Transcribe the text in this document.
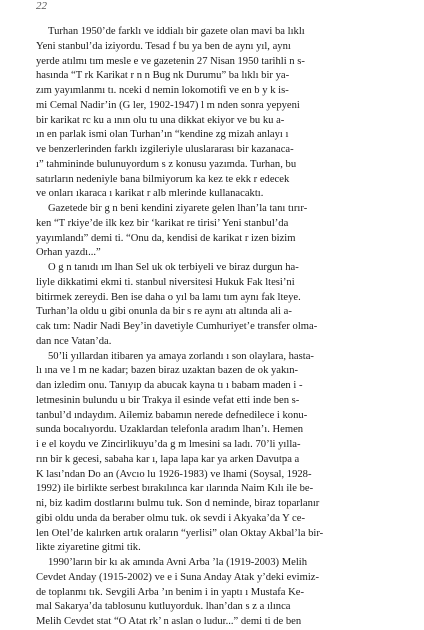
22
Turhan 1950’de farklı ve iddialı bir gazete olan mavi ba lıklı
Yeni stanbul’da iziyordu. Tesad f bu ya ben de aynı yıl, aynı
yerde atılmı tım mesle e ve gazetenin 27 Nisan 1950 tarihli n s-
hasında “T rk Karikat r n n Bug nk Durumu” ba lıklı bir ya-
zım yayımlanmı tı. nceki d nemin lokomotifi ve en b y k is-
mi Cemal Nadir’in (G ler, 1902-1947) l m nden sonra yepyeni
bir karikat rc ku a ının olu tu una dikkat ekiyor ve bu ku a-
ın en parlak ismi olan Turhan’ın “kendine zg mizah anlayı ı
ve benzerlerinden farklı izgileriyle uluslararası bir kazanaca-
ı” tahmininde bulunuyordum s z konusu yazımda. Turhan, bu
satırların nedeniyle bana bilmiyorum ka kez te ekk r edecek
ve onları ıkaraca ı karikat r alb mlerinde kullanacaktı.
Gazetede bir g n beni kendini ziyarete gelen lhan’la tanı tırır-
ken “T rkiye’de ilk kez bir ‘karikat re tirisi’ Yeni stanbul’da
yayımlandı” demi ti. “Onu da, kendisi de karikat r izen bizim
Orhan yazdı...”
O g n tanıdı ım lhan Sel uk ok terbiyeli ve biraz durgun ha-
liyle dikkatimi ekmi ti. stanbul niversitesi Hukuk Fak ltesi’ni
bitirmek zereydi. Ben ise daha o yıl ba lamı tım aynı fak lteye.
Turhan’la oldu u gibi onunla da bir s re aynı atı altında ali a-
cak tım: Nadir Nadi Bey’in davetiyle Cumhuriyet’e transfer olma-
dan nce Vatan’da.
50’li yıllardan itibaren ya amaya zorlandı ı son olaylara, hasta-
lı ına ve l m ne kadar; bazen biraz uzaktan bazen de ok yakın-
dan izledim onu. Tanıyıp da abucak kayna tı ı babam maden i -
letmesinin bulundu u bir Trakya il esinde vefat etti inde ben s-
tanbul’d ındaydım. Ailemiz babamın nerede defnedilece i konu-
sunda bocalıyordu. Uzaklardan telefonla aradım lhan’ı. Hemen
i e el koydu ve Zincirlikuyu’da g m lmesini sa ladı. 70’li yılla-
rın bir k gecesi, sabaha kar ı, lapa lapa kar ya arken Davutpa a
K lası’ndan Do an (Avcıo lu 1926-1983) ve lhami (Soysal, 1928-
1992) ile birlikte serbest bırakılınca kar ılarında Naim Kılı ile be-
ni, biz kadim dostlarını bulmu tuk. Son d neminde, biraz toparlanır
gibi oldu unda da beraber olmu tuk. ok sevdi i Akyaka’da Y ce-
len Otel’de kalırken artık oraların “yerlisi” olan Oktay Akbal’la bir-
likte ziyaretine gitmi tik.
1990’ların bir kı ak amında Avni Arba ’la (1919-2003) Melih
Cevdet Anday (1915-2002) ve e i Suna Anday Atak y’deki evimiz-
de toplanmı tık. Sevgili Arba ’ın benim i in yaptı ı Mustafa Ke-
mal Sakarya’da tablosunu kutluyorduk. lhan’dan s z a ılınca
Melih Cevdet stat “O Atat rk’ n aslan o ludur...” demi ti de ben
